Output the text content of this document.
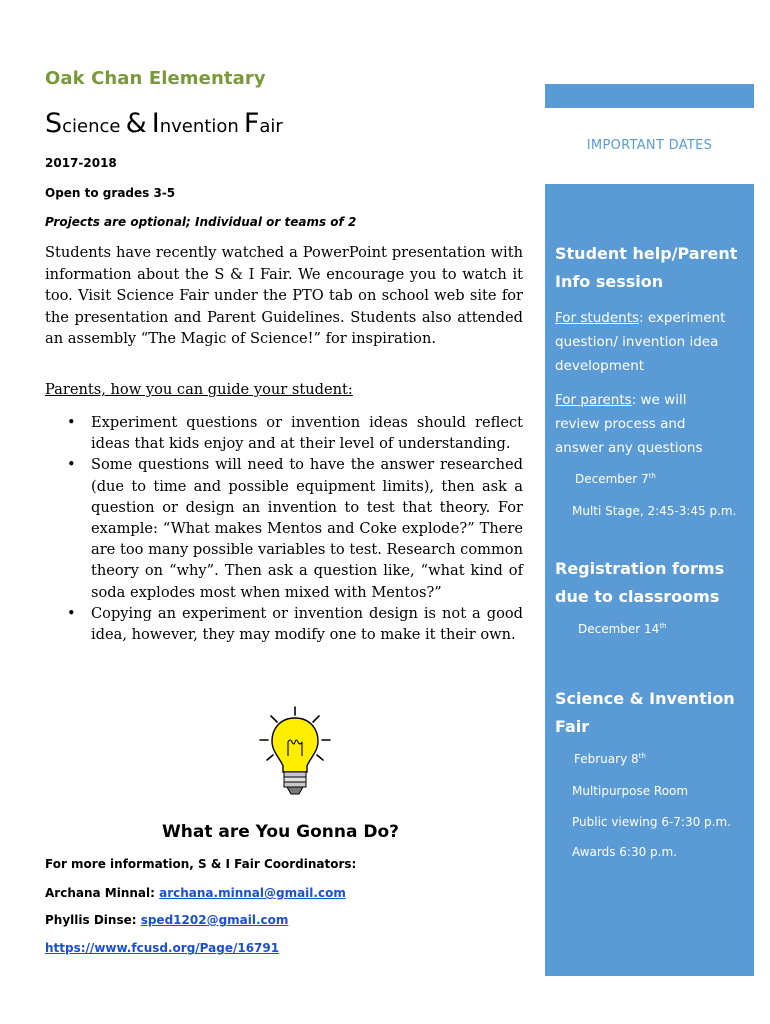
Oak Chan Elementary
Science & Invention Fair
2017-2018
Open to grades 3-5
Projects are optional; Individual or teams of 2
Students have recently watched a PowerPoint presentation with information about the S & I Fair. We encourage you to watch it too. Visit Science Fair under the PTO tab on school web site for the presentation and Parent Guidelines. Students also attended an assembly “The Magic of Science!” for inspiration.
Parents, how you can guide your student:
• Experiment questions or invention ideas should reflect ideas that kids enjoy and at their level of understanding.
• Some questions will need to have the answer researched (due to time and possible equipment limits), then ask a question or design an invention to test that theory. For example: “What makes Mentos and Coke explode?” There are too many possible variables to test. Research common theory on “why”. Then ask a question like, “what kind of soda explodes most when mixed with Mentos?”
• Copying an experiment or invention design is not a good idea, however, they may modify one to make it their own.
What are You Gonna Do?
For more information, S & I Fair Coordinators:
Archana Minnal: archana.minnal@gmail.com
Phyllis Dinse: sped1202@gmail.com
https://www.fcusd.org/Page/16791
IMPORTANT DATES
Student help/Parent
Info session
For students: experiment
question/ invention idea
development
For parents: we will
review process and
answer any questions
December 7th
Multi Stage, 2:45-3:45 p.m.
Registration forms
due to classrooms
December 14th
Science & Invention
Fair
February 8th
Multipurpose Room
Public viewing 6-7:30 p.m.
Awards 6:30 p.m.
